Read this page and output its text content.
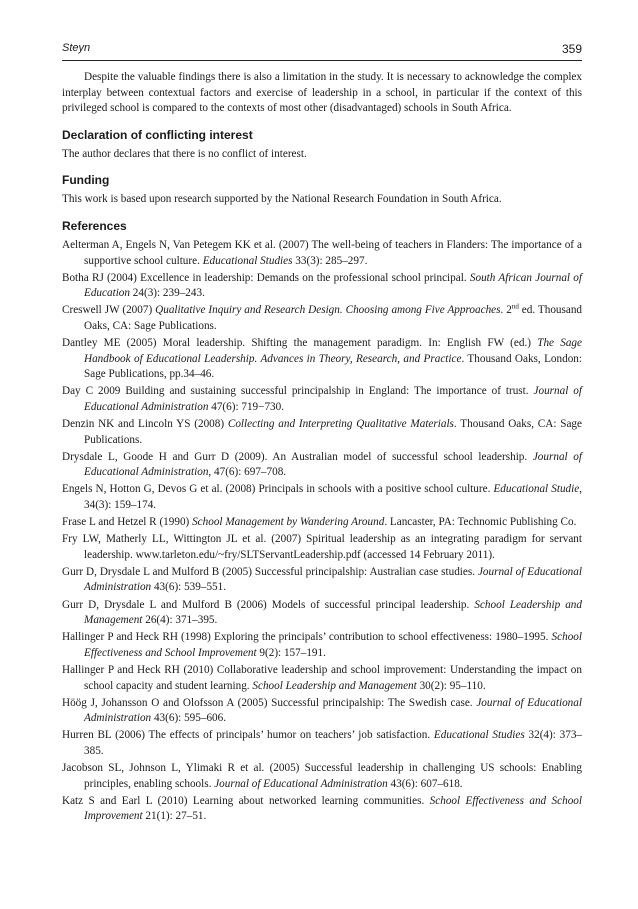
Steyn	359

Despite the valuable findings there is also a limitation in the study. It is necessary to acknowledge the complex interplay between contextual factors and exercise of leadership in a school, in particular if the context of this privileged school is compared to the contexts of most other (disadvantaged) schools in South Africa.

Declaration of conflicting interest

The author declares that there is no conflict of interest.

Funding

This work is based upon research supported by the National Research Foundation in South Africa.

References
Aelterman A, Engels N, Van Petegem KK et al. (2007) The well-being of teachers in Flanders: The importance of a supportive school culture. Educational Studies 33(3): 285–297.
Botha RJ (2004) Excellence in leadership: Demands on the professional school principal. South African Journal of Education 24(3): 239–243.
Creswell JW (2007) Qualitative Inquiry and Research Design. Choosing among Five Approaches. 2nd ed. Thousand Oaks, CA: Sage Publications.
Dantley ME (2005) Moral leadership. Shifting the management paradigm. In: English FW (ed.) The Sage Handbook of Educational Leadership. Advances in Theory, Research, and Practice. Thousand Oaks, London: Sage Publications, pp.34–46.
Day C 2009 Building and sustaining successful principalship in England: The importance of trust. Journal of Educational Administration 47(6): 719−730.
Denzin NK and Lincoln YS (2008) Collecting and Interpreting Qualitative Materials. Thousand Oaks, CA: Sage Publications.
Drysdale L, Goode H and Gurr D (2009). An Australian model of successful school leadership. Journal of Educational Administration, 47(6): 697–708.
Engels N, Hotton G, Devos G et al. (2008) Principals in schools with a positive school culture. Educational Studie, 34(3): 159–174.
Frase L and Hetzel R (1990) School Management by Wandering Around. Lancaster, PA: Technomic Publishing Co.
Fry LW, Matherly LL, Wittington JL et al. (2007) Spiritual leadership as an integrating paradigm for servant leadership. www.tarleton.edu/~fry/SLTServantLeadership.pdf (accessed 14 February 2011).
Gurr D, Drysdale L and Mulford B (2005) Successful principalship: Australian case studies. Journal of Educational Administration 43(6): 539–551.
Gurr D, Drysdale L and Mulford B (2006) Models of successful principal leadership. School Leadership and Management 26(4): 371–395.
Hallinger P and Heck RH (1998) Exploring the principals’ contribution to school effectiveness: 1980–1995. School Effectiveness and School Improvement 9(2): 157–191.
Hallinger P and Heck RH (2010) Collaborative leadership and school improvement: Understanding the impact on school capacity and student learning. School Leadership and Management 30(2): 95–110.
Höög J, Johansson O and Olofsson A (2005) Successful principalship: The Swedish case. Journal of Educational Administration 43(6): 595–606.
Hurren BL (2006) The effects of principals’ humor on teachers’ job satisfaction. Educational Studies 32(4): 373–385.
Jacobson SL, Johnson L, Ylimaki R et al. (2005) Successful leadership in challenging US schools: Enabling principles, enabling schools. Journal of Educational Administration 43(6): 607–618.
Katz S and Earl L (2010) Learning about networked learning communities. School Effectiveness and School Improvement 21(1): 27–51.
